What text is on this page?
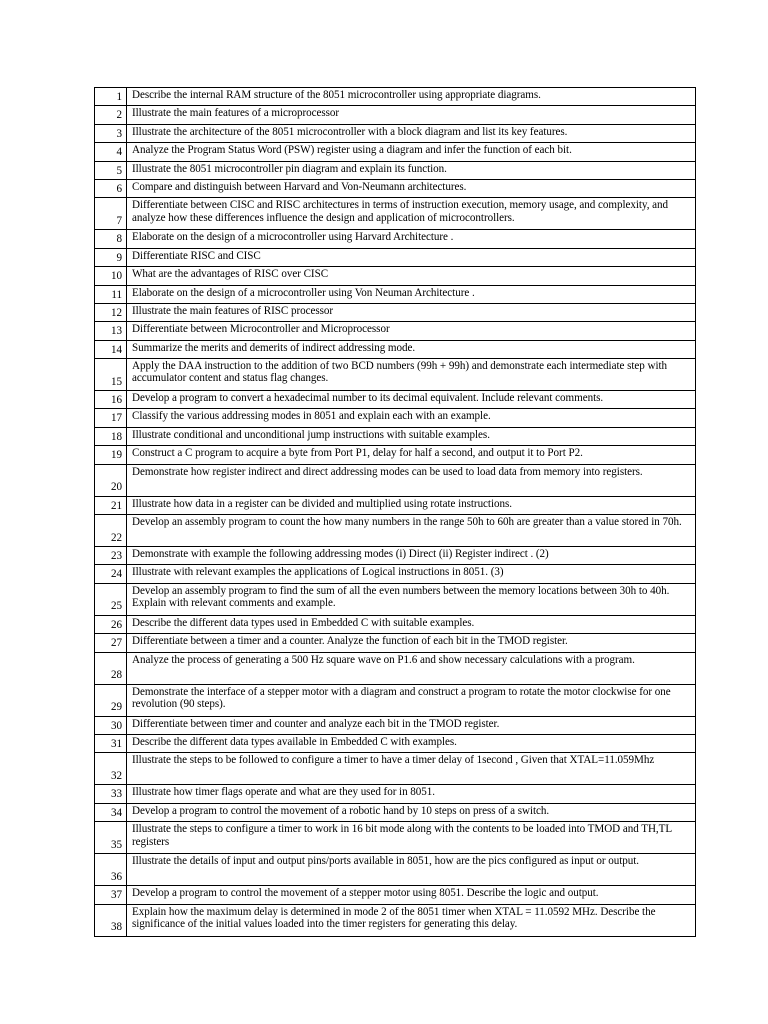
1	Describe the internal RAM structure of the 8051 microcontroller using appropriate diagrams.
2	Illustrate the main features of a microprocessor
3	Illustrate the architecture of the 8051 microcontroller with a block diagram and list its key features.
4	Analyze the Program Status Word (PSW) register using a diagram and infer the function of each bit.
5	Illustrate the 8051 microcontroller pin diagram and explain its function.
6	Compare and distinguish between Harvard and Von-Neumann architectures.
7	Differentiate between CISC and RISC architectures in terms of instruction execution, memory usage, and complexity, and analyze how these differences influence the design and application of microcontrollers.
8	Elaborate on the design of a microcontroller using Harvard Architecture .
9	Differentiate RISC and CISC
10	What are the advantages of RISC over CISC
11	Elaborate on the design of a microcontroller using Von Neuman Architecture .
12	Illustrate the main features of RISC processor
13	Differentiate between Microcontroller and Microprocessor
14	Summarize the merits and demerits of indirect addressing mode.
15	Apply the DAA instruction to the addition of two BCD numbers (99h + 99h) and demonstrate each intermediate step with accumulator content and status flag changes.
16	Develop a program to convert a hexadecimal number to its decimal equivalent. Include relevant comments.
17	Classify the various addressing modes in 8051 and explain each with an example.
18	Illustrate conditional and unconditional jump instructions with suitable examples.
19	Construct a C program to acquire a byte from Port P1, delay for half a second, and output it to Port P2.
20	Demonstrate how register indirect and direct addressing modes can be used to load data from memory into registers.
21	Illustrate how data in a register can be divided and multiplied using rotate instructions.
22	Develop an assembly program to count the how many numbers in the range 50h to 60h are greater than a value stored in 70h.
23	Demonstrate with example the following addressing modes (i) Direct (ii) Register indirect . (2)
24	Illustrate with relevant examples the applications of Logical instructions in 8051. (3)
25	Develop an assembly program to find the sum of all the even numbers between the memory locations between 30h to 40h. Explain with relevant comments and example.
26	Describe the different data types used in Embedded C with suitable examples.
27	Differentiate between a timer and a counter. Analyze the function of each bit in the TMOD register.
28	Analyze the process of generating a 500 Hz square wave on P1.6 and show necessary calculations with a program.
29	Demonstrate the interface of a stepper motor with a diagram and construct a program to rotate the motor clockwise for one revolution (90 steps).
30	Differentiate between timer and counter and analyze each bit in the TMOD register.
31	Describe the different data types available in Embedded C with examples.
32	Illustrate the steps to be followed to configure a timer to have a timer delay of 1second , Given that XTAL=11.059Mhz
33	Illustrate how timer flags operate and what are they used for in 8051.
34	Develop a program to control the movement of a robotic hand by 10 steps on press of a switch.
35	Illustrate the steps to configure a timer to work in 16 bit mode along with the contents to be loaded into TMOD and TH,TL registers
36	Illustrate the details of input and output pins/ports available in 8051, how are the pics configured as input or output.
37	Develop a program to control the movement of a stepper motor using 8051. Describe the logic and output.
38	Explain how the maximum delay is determined in mode 2 of the 8051 timer when XTAL = 11.0592 MHz. Describe the significance of the initial values loaded into the timer registers for generating this delay.
